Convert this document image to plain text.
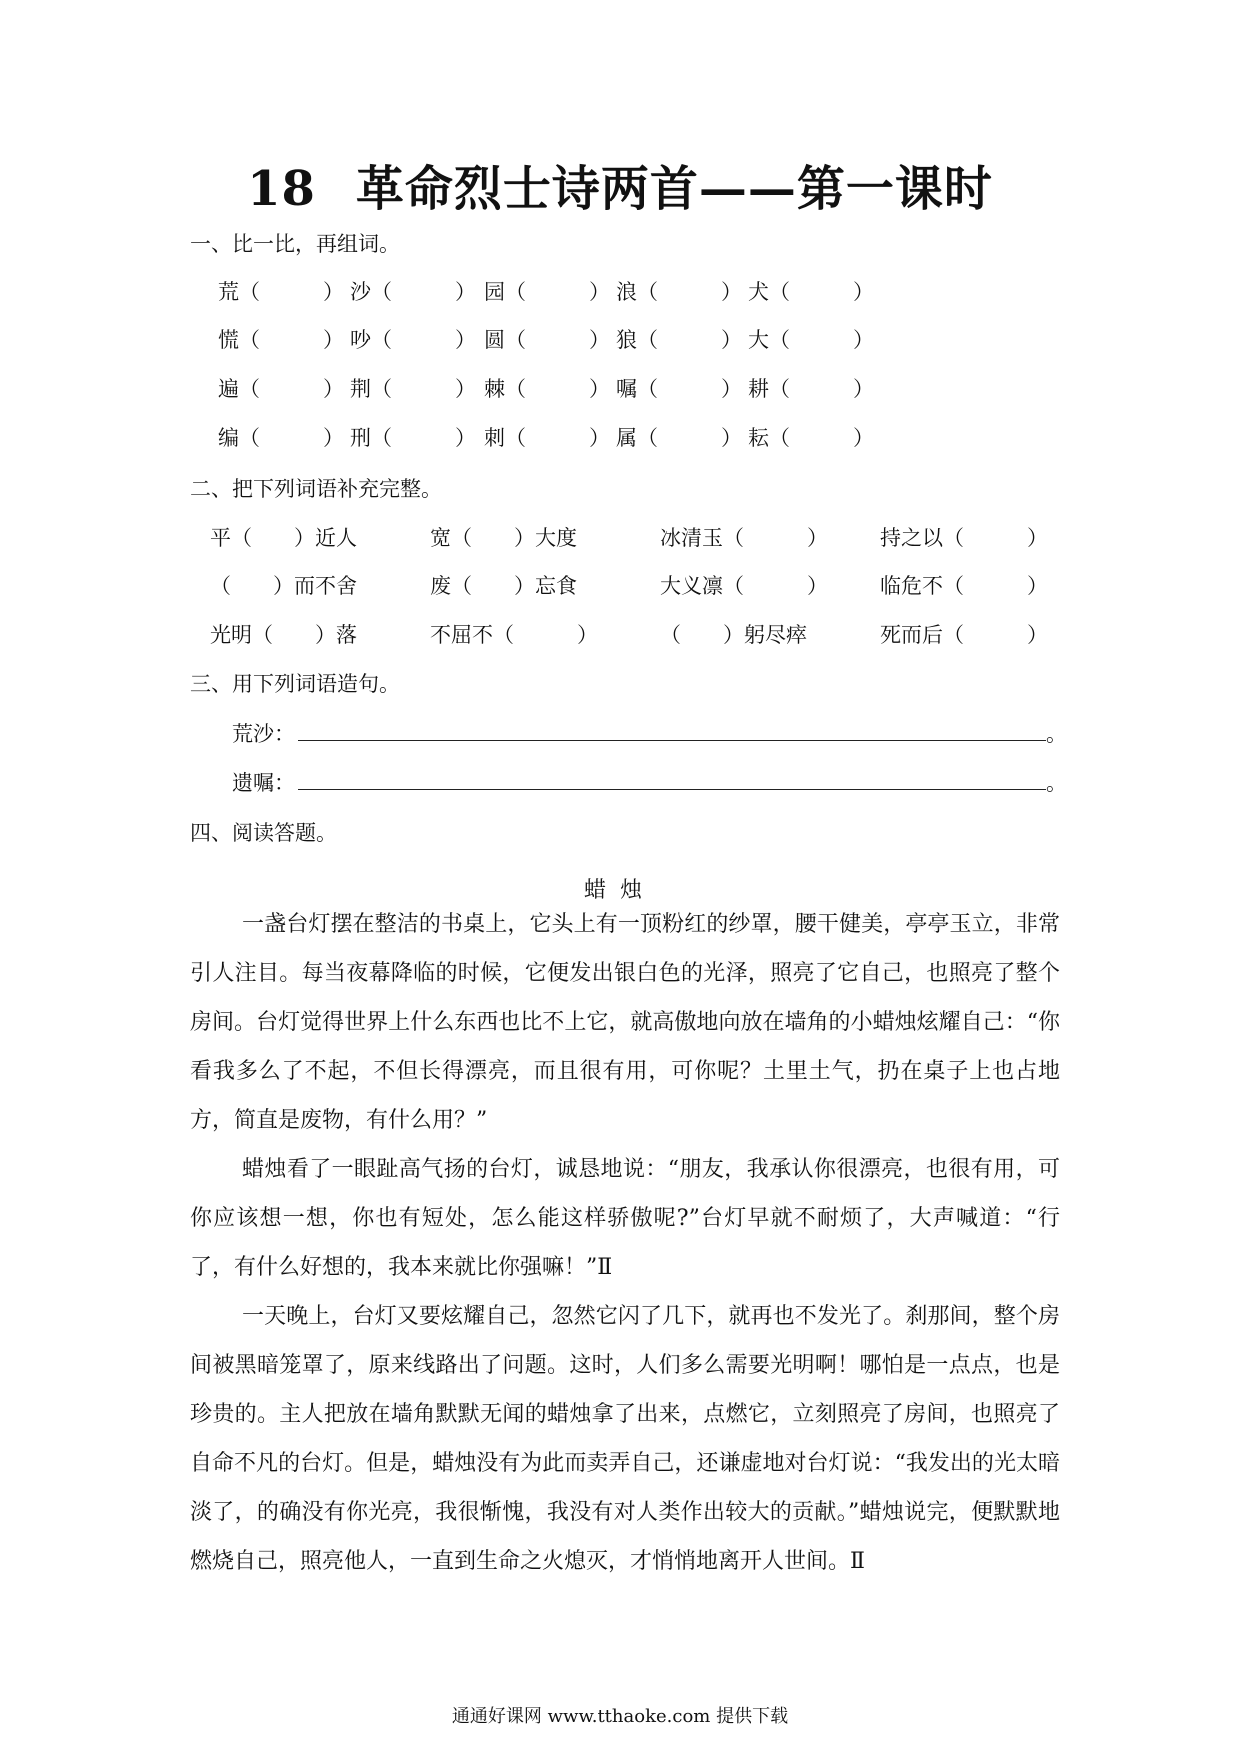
18 革命烈士诗两首——第一课时
一、比一比，再组词。
荒（　　　） 沙（　　　） 园（　　　） 浪（　　　） 犬（　　　）
慌（　　　） 吵（　　　） 圆（　　　） 狼（　　　） 大（　　　）
遍（　　　） 荆（　　　） 棘（　　　） 嘱（　　　） 耕（　　　）
编（　　　） 刑（　　　） 刺（　　　） 属（　　　） 耘（　　　）
二、把下列词语补充完整。
平（　　）近人	宽（　　）大度	冰清玉（　　　） 持之以（　　　）
（　　）而不舍	废（　　）忘食	大义凛（　　　） 临危不（　　　）
光明（　　）落	不屈不（　　　）	（　　）躬尽瘁	死而后（　　　）
三、用下列词语造句。
荒沙：	。
遗嘱：	。
四、阅读答题。
蜡烛
一盏台灯摆在整洁的书桌上，它头上有一顶粉红的纱罩，腰干健美，亭亭玉立，非常引人注目。每当夜幕降临的时候，它便发出银白色的光泽，照亮了它自己，也照亮了整个房间。台灯觉得世界上什么东西也比不上它，就高傲地向放在墙角的小蜡烛炫耀自己：“你看我多么了不起，不但长得漂亮，而且很有用，可你呢？土里土气，扔在桌子上也占地方，简直是废物，有什么用？”
蜡烛看了一眼趾高气扬的台灯，诚恳地说：“朋友，我承认你很漂亮，也很有用，可你应该想一想，你也有短处，怎么能这样骄傲呢?”台灯早就不耐烦了，大声喊道：“行了，有什么好想的，我本来就比你强嘛！”Ⅱ
一天晚上，台灯又要炫耀自己，忽然它闪了几下，就再也不发光了。刹那间，整个房间被黑暗笼罩了，原来线路出了问题。这时，人们多么需要光明啊！哪怕是一点点，也是珍贵的。主人把放在墙角默默无闻的蜡烛拿了出来，点燃它，立刻照亮了房间，也照亮了自命不凡的台灯。但是，蜡烛没有为此而卖弄自己，还谦虚地对台灯说：“我发出的光太暗淡了，的确没有你光亮，我很惭愧，我没有对人类作出较大的贡献。”蜡烛说完，便默默地燃烧自己，照亮他人，一直到生命之火熄灭，才悄悄地离开人世间。Ⅱ
通通好课网 www.tthaoke.com 提供下载
